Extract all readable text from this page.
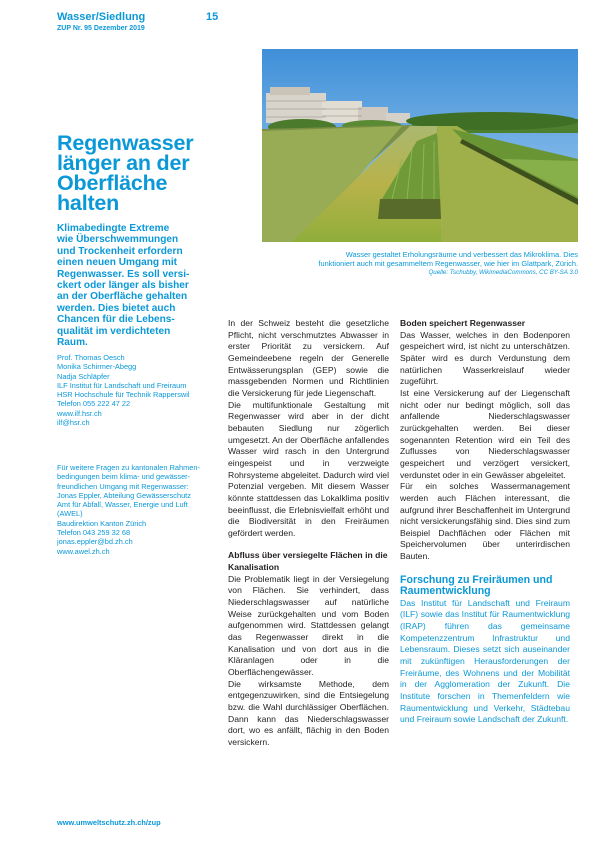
Wasser/Siedlung
ZUP Nr. 95 Dezember 2019
15
Wasser gestaltet Erholungsräume und verbessert das Mikroklima. Dies
funktioniert auch mit gesammeltem Regenwasser, wie hier im Glattpark, Zürich.
Quelle: Tschubby, WikimediaCommons, CC BY-SA 3.0
Regenwasser
länger an der
Oberfläche
halten

Klimabedingte Extreme
wie Überschwemmungen
und Trockenheit erfordern
einen neuen Umgang mit
Regenwasser. Es soll versi-
ckert oder länger als bisher
an der Oberfläche gehalten
werden. Dies bietet auch
Chancen für die Lebens-
qualität im verdichteten
Raum.

Prof. Thomas Oesch
Monika Schirmer-Abegg
Nadja Schläpfer
ILF Institut für Landschaft und Freiraum
HSR Hochschule für Technik Rapperswil
Telefon 055 222 47 22
www.ilf.hsr.ch
ilf@hsr.ch
Für weitere Fragen zu kantonalen Rahmen-
bedingungen beim klima- und gewässer-
freundlichen Umgang mit Regenwasser:
Jonas Eppler, Abteilung Gewässerschutz
Amt für Abfall, Wasser, Energie und Luft
(AWEL)
Baudirektion Kanton Zürich
Telefon 043 259 32 68
jonas.eppler@bd.zh.ch
www.awel.zh.ch

In der Schweiz besteht die gesetzliche Pflicht, nicht verschmutztes Abwasser in erster Priorität zu versickern. Auf Gemeindeebene regeln der Generelle Entwässerungsplan (GEP) sowie die massgebenden Normen und Richtlinien die Versickerung für jede Liegenschaft.

Die multifunktionale Gestaltung mit Regenwasser wird aber in der dicht bebauten Siedlung nur zögerlich umgesetzt. An der Oberfläche anfallendes Wasser wird rasch in den Untergrund eingespeist und in verzweigte Rohrsysteme abgeleitet. Dadurch wird viel Potenzial vergeben. Mit diesem Wasser könnte stattdessen das Lokalklima positiv beeinflusst, die Erlebnisvielfalt erhöht und die Biodiversität in den Freiräumen gefördert werden.

Abfluss über versiegelte Flächen in die Kanalisation

Die Problematik liegt in der Versiegelung von Flächen. Sie verhindert, dass Niederschlagswasser auf natürliche Weise zurückgehalten und vom Boden aufgenommen wird. Stattdessen gelangt das Regenwasser direkt in die Kanalisation und von dort aus in die Kläranlagen oder in die Oberflächengewässer.

Die wirksamste Methode, dem entgegenzuwirken, sind die Entsiegelung bzw. die Wahl durchlässiger Oberflächen. Dann kann das Niederschlagswasser dort, wo es anfällt, flächig in den Boden versickern.

Boden speichert Regenwasser

Das Wasser, welches in den Bodenporen gespeichert wird, ist nicht zu unterschätzen. Später wird es durch Verdunstung dem natürlichen Wasserkreislauf wieder zugeführt.

Ist eine Versickerung auf der Liegenschaft nicht oder nur bedingt möglich, soll das anfallende Niederschlagswasser zurückgehalten werden. Bei dieser sogenannten Retention wird ein Teil des Zuflusses von Niederschlagswasser gespeichert und verzögert versickert, verdunstet oder in ein Gewässer abgeleitet.

Für ein solches Wassermanagement werden auch Flächen interessant, die aufgrund ihrer Beschaffenheit im Untergrund nicht versickerungsfähig sind. Dies sind zum Beispiel Dachflächen oder Flächen mit Speichervolumen über unterirdischen Bauten.

Forschung zu Freiräumen und Raumentwicklung

Das Institut für Landschaft und Freiraum (ILF) sowie das Institut für Raumentwicklung (IRAP) führen das gemeinsame Kompetenzzentrum Infrastruktur und Lebensraum. Dieses setzt sich auseinander mit zukünftigen Herausforderungen der Freiräume, des Wohnens und der Mobilität in der Agglomeration der Zukunft. Die Institute forschen in Themenfeldern wie Raumentwicklung und Verkehr, Städtebau und Freiraum sowie Landschaft der Zukunft.

www.umweltschutz.zh.ch/zup
